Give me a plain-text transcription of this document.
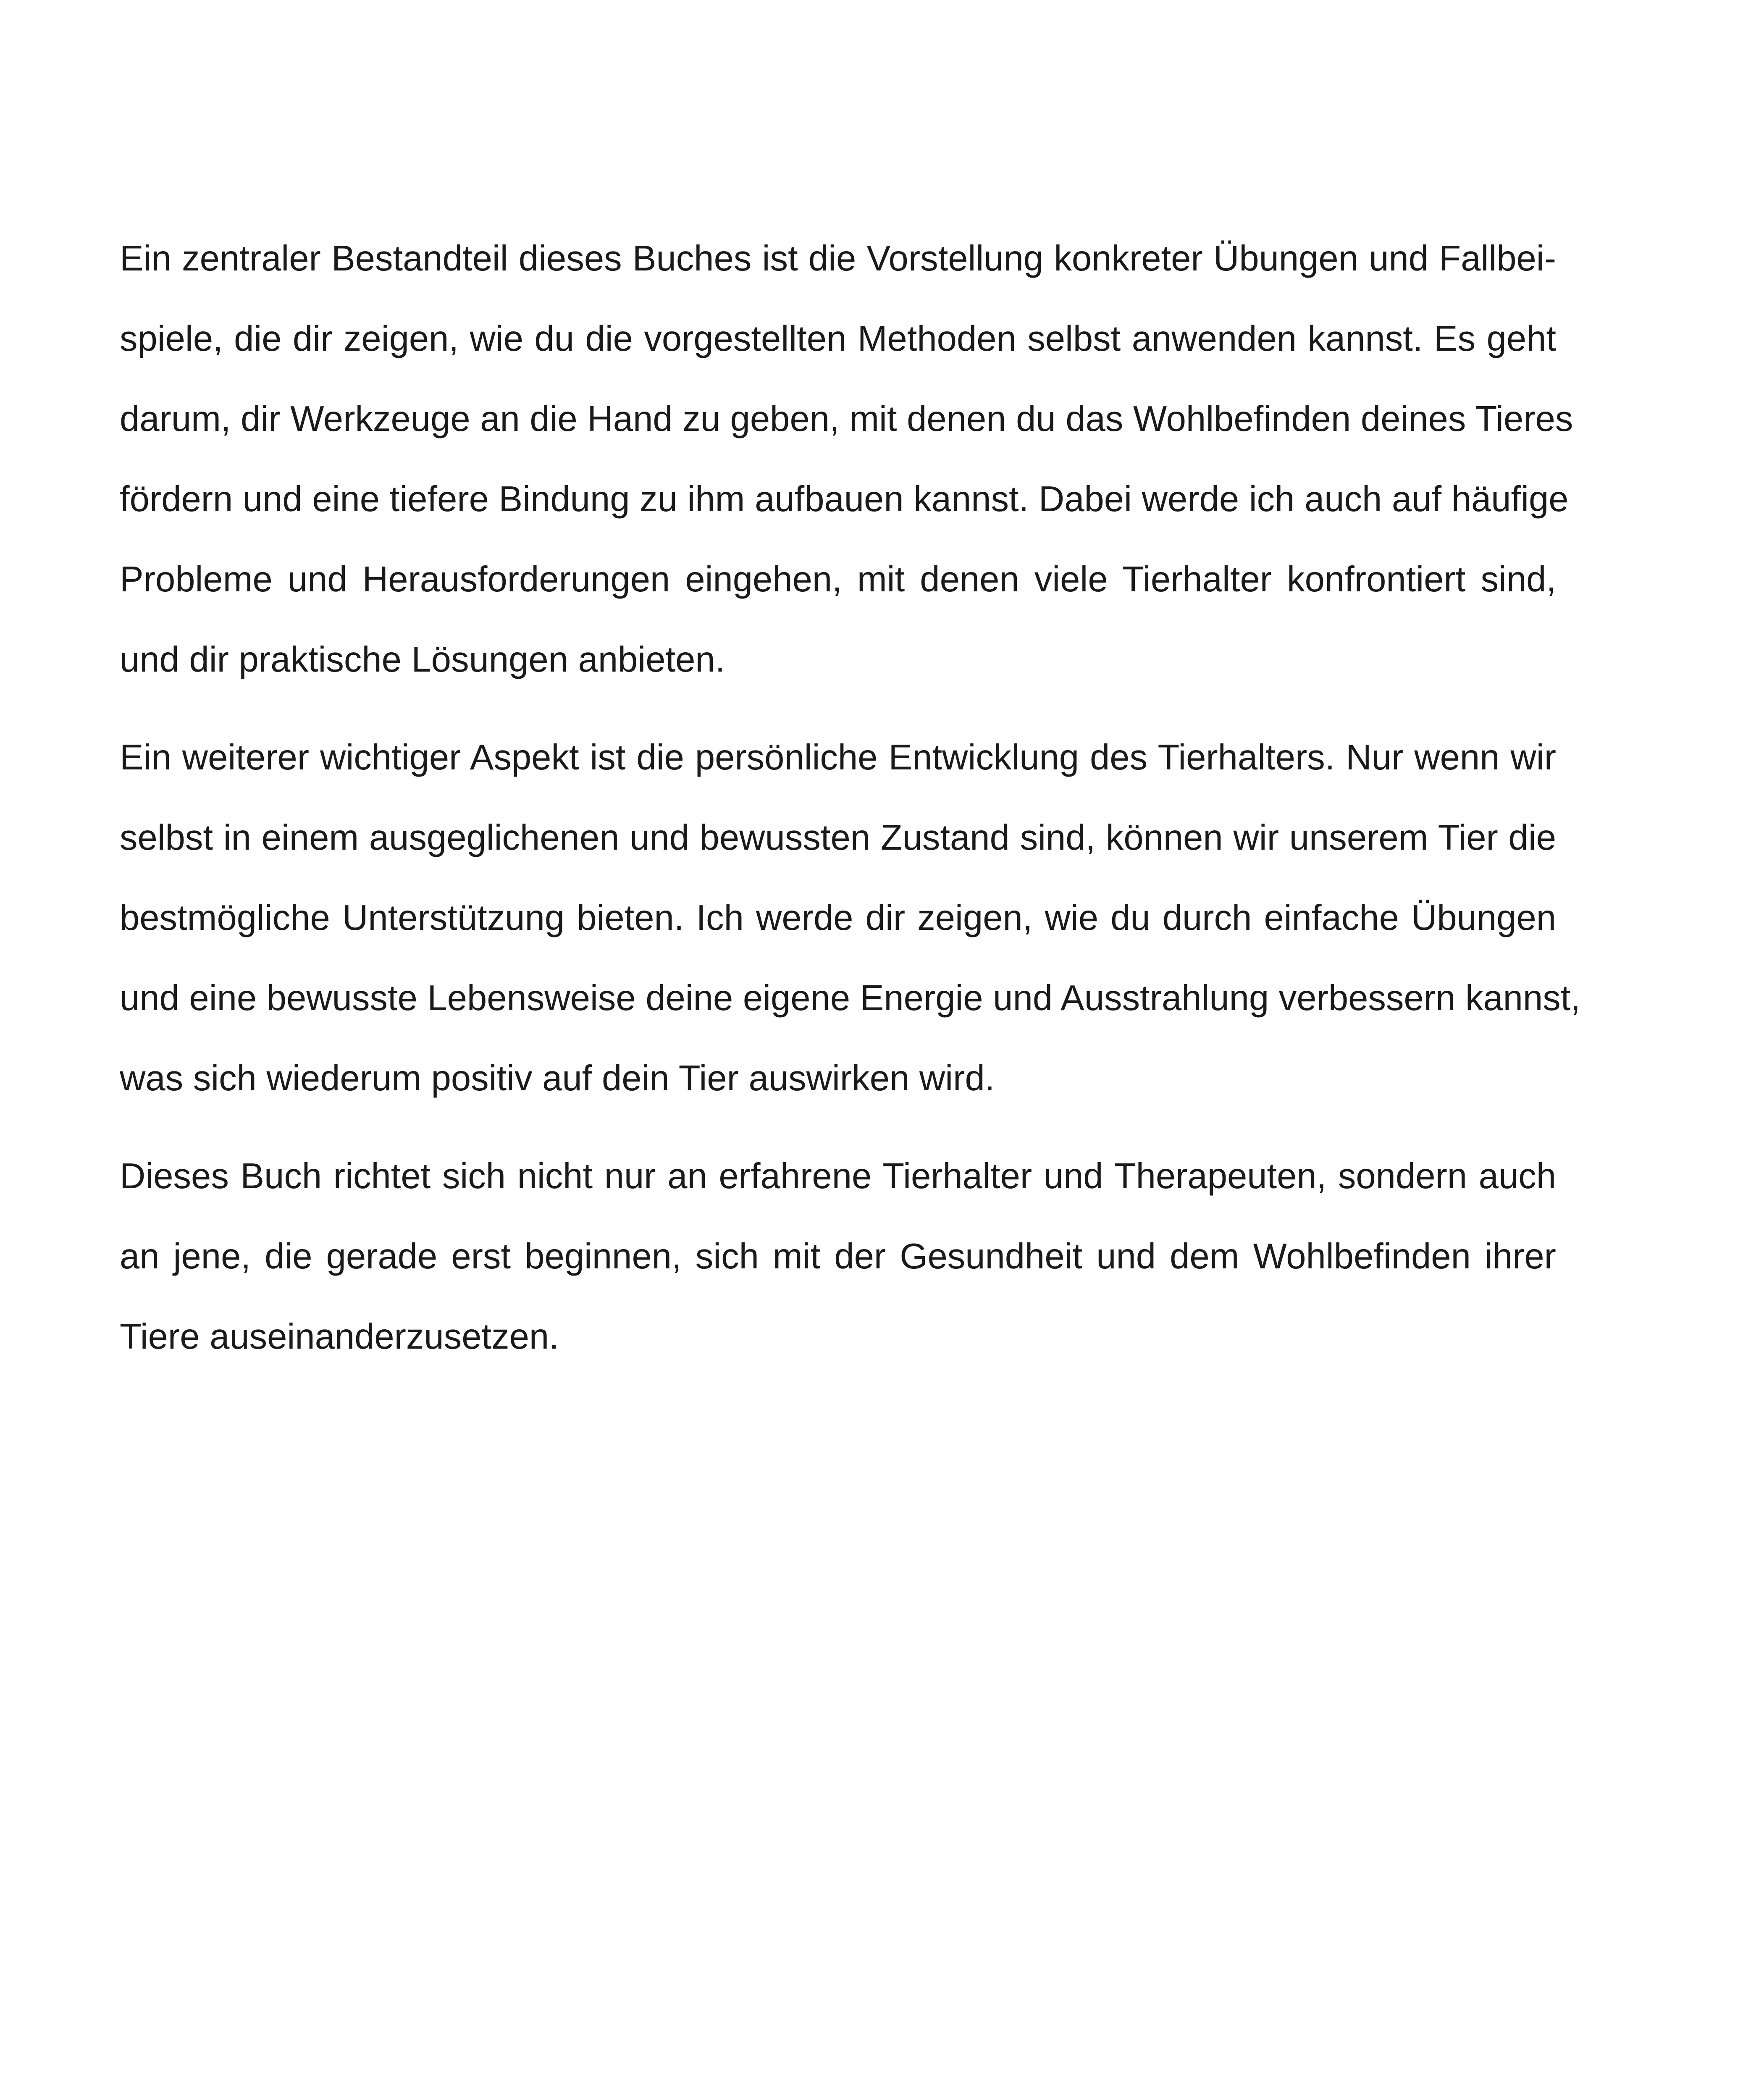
Ein zentraler Bestandteil dieses Buches ist die Vorstellung konkreter Übungen und Fallbei-
spiele, die dir zeigen, wie du die vorgestellten Methoden selbst anwenden kannst. Es geht
darum, dir Werkzeuge an die Hand zu geben, mit denen du das Wohlbefinden deines Tieres
fördern und eine tiefere Bindung zu ihm aufbauen kannst. Dabei werde ich auch auf häufige
Probleme und Herausforderungen eingehen, mit denen viele Tierhalter konfrontiert sind,
und dir praktische Lösungen anbieten.

Ein weiterer wichtiger Aspekt ist die persönliche Entwicklung des Tierhalters. Nur wenn wir
selbst in einem ausgeglichenen und bewussten Zustand sind, können wir unserem Tier die
bestmögliche Unterstützung bieten. Ich werde dir zeigen, wie du durch einfache Übungen
und eine bewusste Lebensweise deine eigene Energie und Ausstrahlung verbessern kannst,
was sich wiederum positiv auf dein Tier auswirken wird.

Dieses Buch richtet sich nicht nur an erfahrene Tierhalter und Therapeuten, sondern auch
an jene, die gerade erst beginnen, sich mit der Gesundheit und dem Wohlbefinden ihrer
Tiere auseinanderzusetzen.
